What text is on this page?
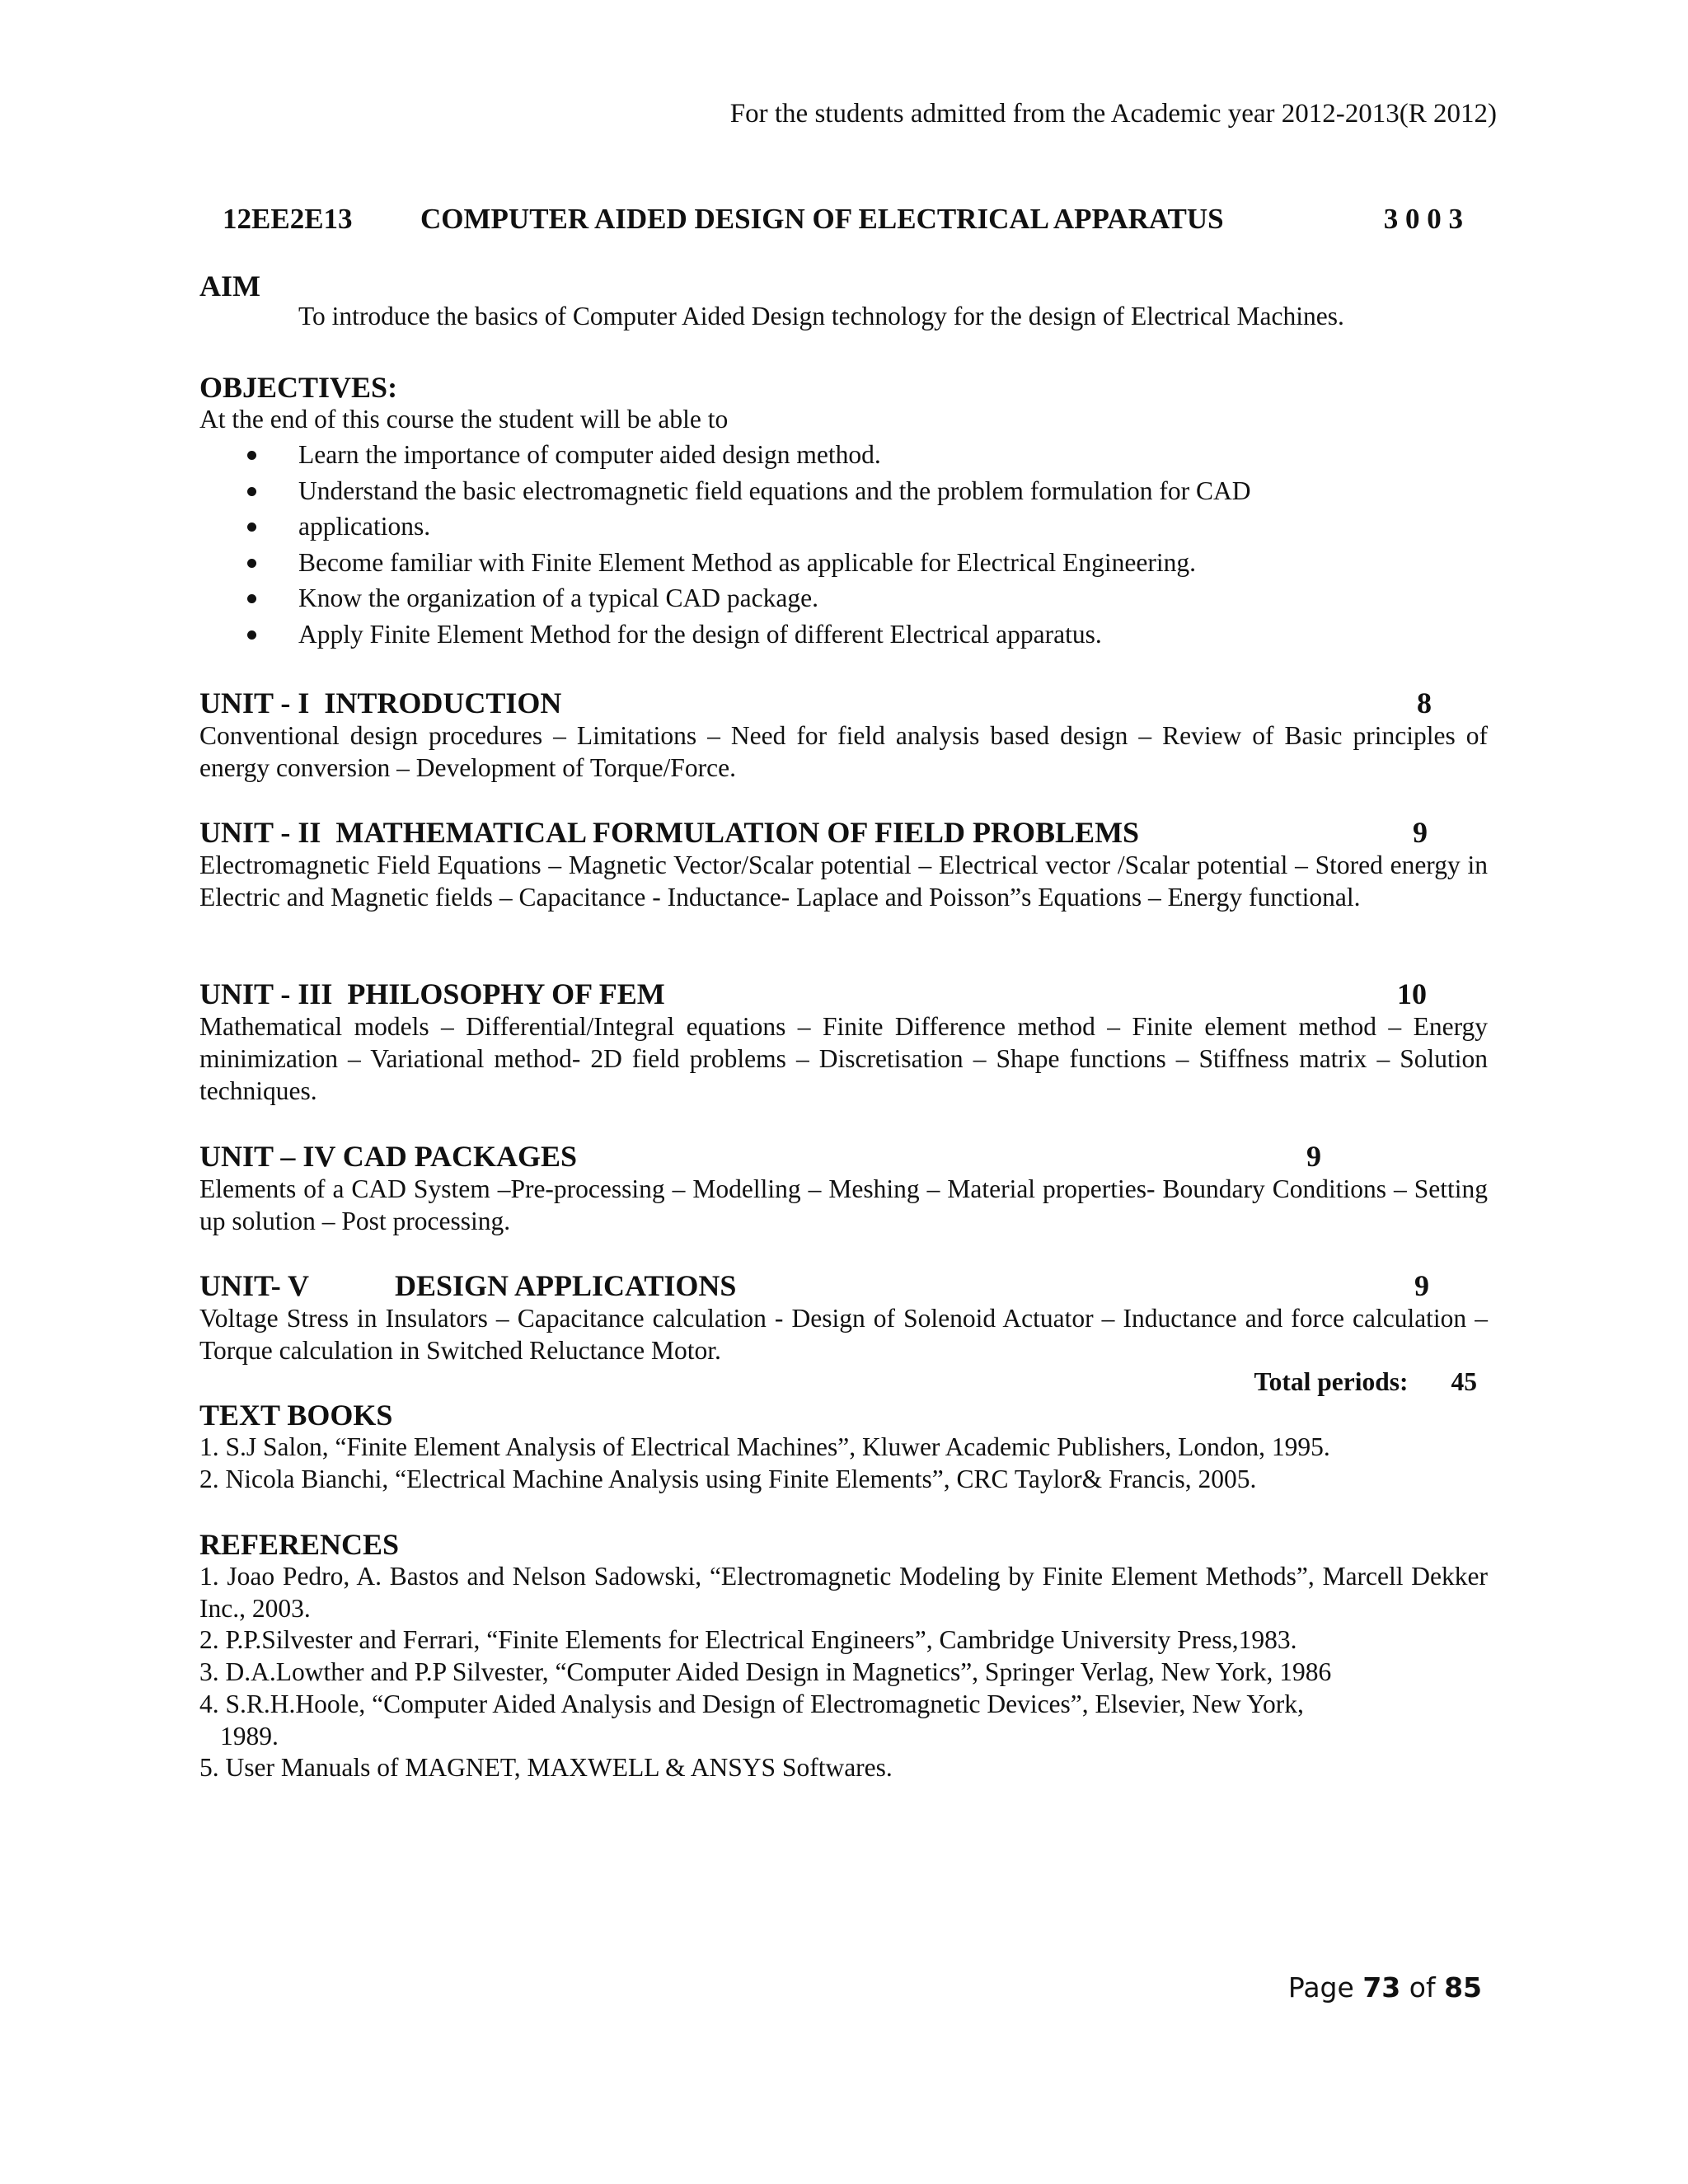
For the students admitted from the Academic year 2012-2013(R 2012)
12EE2E13 COMPUTER AIDED DESIGN OF ELECTRICAL APPARATUS	3 0 0 3
AIM
To introduce the basics of Computer Aided Design technology for the design of Electrical Machines.
OBJECTIVES:
At the end of this course the student will be able to
Learn the importance of computer aided design method.
Understand the basic electromagnetic field equations and the problem formulation for CAD
applications.
Become familiar with Finite Element Method as applicable for Electrical Engineering.
Know the organization of a typical CAD package.
Apply Finite Element Method for the design of different Electrical apparatus.
UNIT - I  INTRODUCTION	8
Conventional design procedures – Limitations – Need for field analysis based design – Review of Basic principles of energy conversion – Development of Torque/Force.
UNIT - II  MATHEMATICAL FORMULATION OF FIELD PROBLEMS	9
Electromagnetic Field Equations – Magnetic Vector/Scalar potential – Electrical vector /Scalar potential – Stored energy in Electric and Magnetic fields – Capacitance - Inductance- Laplace and Poisson”s Equations – Energy functional.
UNIT - III  PHILOSOPHY OF FEM	10
Mathematical models – Differential/Integral equations – Finite Difference method – Finite element method – Energy minimization – Variational method- 2D field problems – Discretisation – Shape functions – Stiffness matrix – Solution techniques.
UNIT – IV CAD PACKAGES	9
Elements of a CAD System –Pre-processing – Modelling – Meshing – Material properties- Boundary Conditions – Setting up solution – Post processing.
UNIT- V	DESIGN APPLICATIONS	9
Voltage Stress in Insulators – Capacitance calculation - Design of Solenoid Actuator – Inductance and force calculation – Torque calculation in Switched Reluctance Motor.
Total periods: 45
TEXT BOOKS
1. S.J Salon, “Finite Element Analysis of Electrical Machines”, Kluwer Academic Publishers, London, 1995.
2. Nicola Bianchi, “Electrical Machine Analysis using Finite Elements”, CRC Taylor& Francis, 2005.
REFERENCES
1. Joao Pedro, A. Bastos and Nelson Sadowski, “Electromagnetic Modeling by Finite Element Methods”, Marcell Dekker Inc., 2003.
2. P.P.Silvester and Ferrari, “Finite Elements for Electrical Engineers”, Cambridge University Press,1983.
3. D.A.Lowther and P.P Silvester, “Computer Aided Design in Magnetics”, Springer Verlag, New York, 1986
4. S.R.H.Hoole, “Computer Aided Analysis and Design of Electromagnetic Devices”, Elsevier, New York,
1989.
5. User Manuals of MAGNET, MAXWELL & ANSYS Softwares.
Page 73 of 85
